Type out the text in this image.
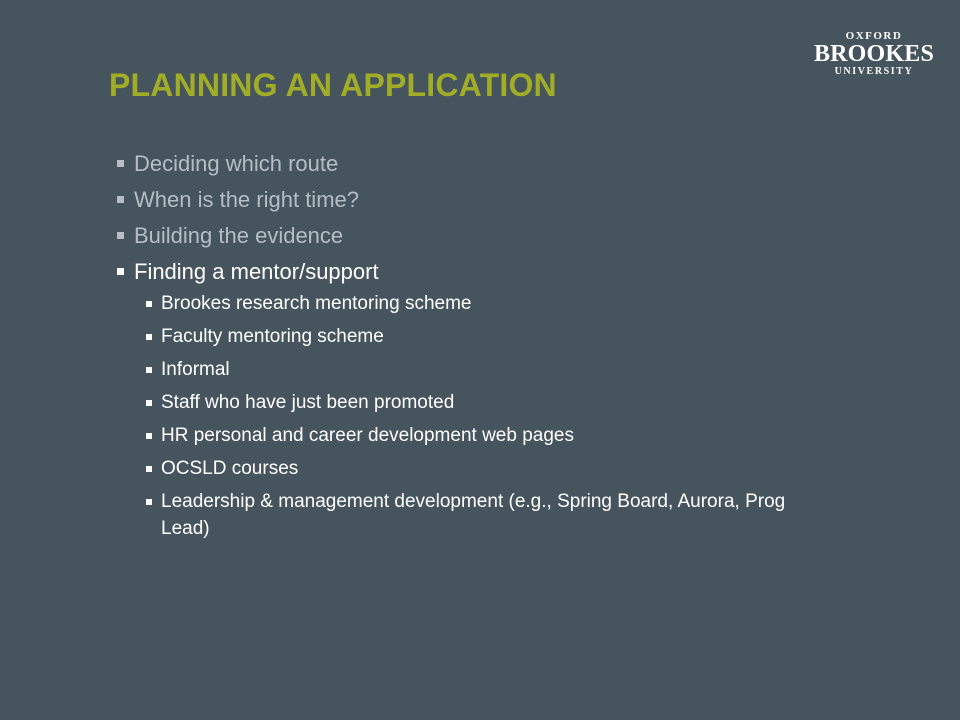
OXFORD
BROOKES
UNIVERSITY
PLANNING AN APPLICATION
Deciding which route
When is the right time?
Building the evidence
Finding a mentor/support
Brookes research mentoring scheme
Faculty mentoring scheme
Informal
Staff who have just been promoted
HR personal and career development web pages
OCSLD courses
Leadership & management development (e.g., Spring Board, Aurora, Prog Lead)
